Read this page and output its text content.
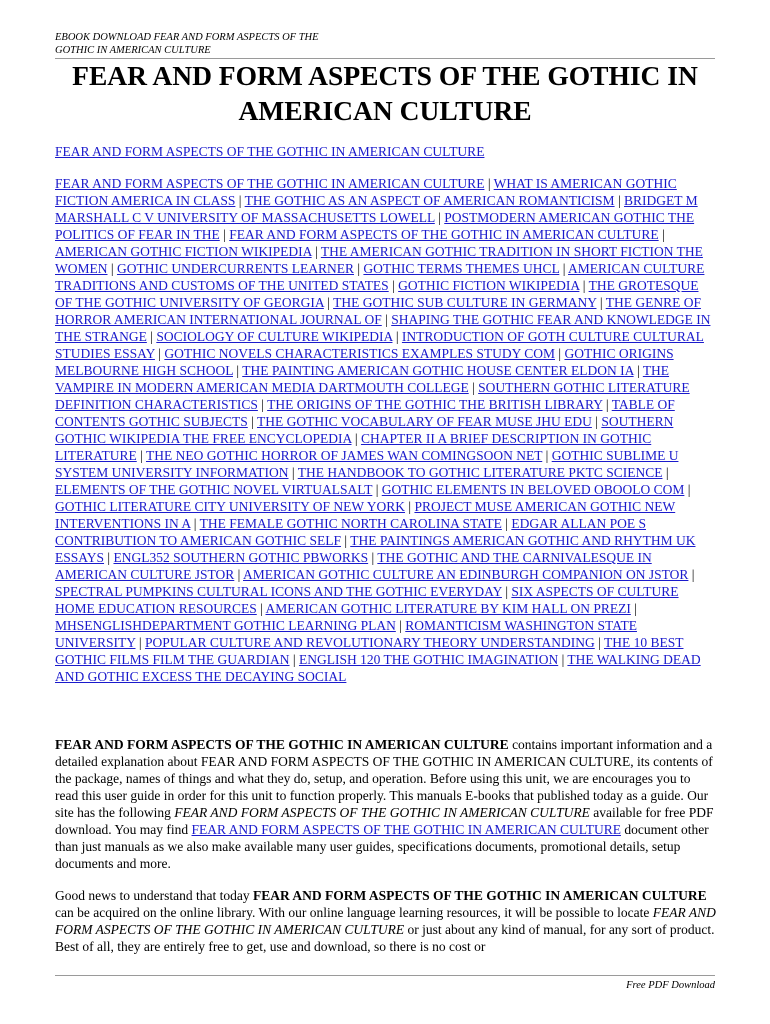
EBOOK DOWNLOAD FEAR AND FORM ASPECTS OF THE
GOTHIC IN AMERICAN CULTURE
FEAR AND FORM ASPECTS OF THE GOTHIC IN
AMERICAN CULTURE
FEAR AND FORM ASPECTS OF THE GOTHIC IN AMERICAN CULTURE
FEAR AND FORM ASPECTS OF THE GOTHIC IN AMERICAN CULTURE | WHAT IS AMERICAN GOTHIC FICTION AMERICA IN CLASS | THE GOTHIC AS AN ASPECT OF AMERICAN ROMANTICISM | BRIDGET M MARSHALL C V UNIVERSITY OF MASSACHUSETTS LOWELL | POSTMODERN AMERICAN GOTHIC THE POLITICS OF FEAR IN THE | FEAR AND FORM ASPECTS OF THE GOTHIC IN AMERICAN CULTURE | AMERICAN GOTHIC FICTION WIKIPEDIA | THE AMERICAN GOTHIC TRADITION IN SHORT FICTION THE WOMEN | GOTHIC UNDERCURRENTS LEARNER | GOTHIC TERMS THEMES UHCL | AMERICAN CULTURE TRADITIONS AND CUSTOMS OF THE UNITED STATES | GOTHIC FICTION WIKIPEDIA | THE GROTESQUE OF THE GOTHIC UNIVERSITY OF GEORGIA | THE GOTHIC SUB CULTURE IN GERMANY | THE GENRE OF HORROR AMERICAN INTERNATIONAL JOURNAL OF | SHAPING THE GOTHIC FEAR AND KNOWLEDGE IN THE STRANGE | SOCIOLOGY OF CULTURE WIKIPEDIA | INTRODUCTION OF GOTH CULTURE CULTURAL STUDIES ESSAY | GOTHIC NOVELS CHARACTERISTICS EXAMPLES STUDY COM | GOTHIC ORIGINS MELBOURNE HIGH SCHOOL | THE PAINTING AMERICAN GOTHIC HOUSE CENTER ELDON IA | THE VAMPIRE IN MODERN AMERICAN MEDIA DARTMOUTH COLLEGE | SOUTHERN GOTHIC LITERATURE DEFINITION CHARACTERISTICS | THE ORIGINS OF THE GOTHIC THE BRITISH LIBRARY | TABLE OF CONTENTS GOTHIC SUBJECTS | THE GOTHIC VOCABULARY OF FEAR MUSE JHU EDU | SOUTHERN GOTHIC WIKIPEDIA THE FREE ENCYCLOPEDIA | CHAPTER II A BRIEF DESCRIPTION IN GOTHIC LITERATURE | THE NEO GOTHIC HORROR OF JAMES WAN COMINGSOON NET | GOTHIC SUBLIME U SYSTEM UNIVERSITY INFORMATION | THE HANDBOOK TO GOTHIC LITERATURE PKTC SCIENCE | ELEMENTS OF THE GOTHIC NOVEL VIRTUALSALT | GOTHIC ELEMENTS IN BELOVED OBOOLO COM | GOTHIC LITERATURE CITY UNIVERSITY OF NEW YORK | PROJECT MUSE AMERICAN GOTHIC NEW INTERVENTIONS IN A | THE FEMALE GOTHIC NORTH CAROLINA STATE | EDGAR ALLAN POE S CONTRIBUTION TO AMERICAN GOTHIC SELF | THE PAINTINGS AMERICAN GOTHIC AND RHYTHM UK ESSAYS | ENGL352 SOUTHERN GOTHIC PBWORKS | THE GOTHIC AND THE CARNIVALESQUE IN AMERICAN CULTURE JSTOR | AMERICAN GOTHIC CULTURE AN EDINBURGH COMPANION ON JSTOR | SPECTRAL PUMPKINS CULTURAL ICONS AND THE GOTHIC EVERYDAY | SIX ASPECTS OF CULTURE HOME EDUCATION RESOURCES | AMERICAN GOTHIC LITERATURE BY KIM HALL ON PREZI | MHSENGLISHDEPARTMENT GOTHIC LEARNING PLAN | ROMANTICISM WASHINGTON STATE UNIVERSITY | POPULAR CULTURE AND REVOLUTIONARY THEORY UNDERSTANDING | THE 10 BEST GOTHIC FILMS FILM THE GUARDIAN | ENGLISH 120 THE GOTHIC IMAGINATION | THE WALKING DEAD AND GOTHIC EXCESS THE DECAYING SOCIAL

FEAR AND FORM ASPECTS OF THE GOTHIC IN AMERICAN CULTURE contains important information and a detailed explanation about FEAR AND FORM ASPECTS OF THE GOTHIC IN AMERICAN CULTURE, its contents of the package, names of things and what they do, setup, and operation. Before using this unit, we are encourages you to read this user guide in order for this unit to function properly. This manuals E-books that published today as a guide. Our site has the following FEAR AND FORM ASPECTS OF THE GOTHIC IN AMERICAN CULTURE available for free PDF download. You may find FEAR AND FORM ASPECTS OF THE GOTHIC IN AMERICAN CULTURE document other than just manuals as we also make available many user guides, specifications documents, promotional details, setup documents and more.

Good news to understand that today FEAR AND FORM ASPECTS OF THE GOTHIC IN AMERICAN CULTURE can be acquired on the online library. With our online language learning resources, it will be possible to locate FEAR AND FORM ASPECTS OF THE GOTHIC IN AMERICAN CULTURE or just about any kind of manual, for any sort of product. Best of all, they are entirely free to get, use and download, so there is no cost or

Free PDF Download
